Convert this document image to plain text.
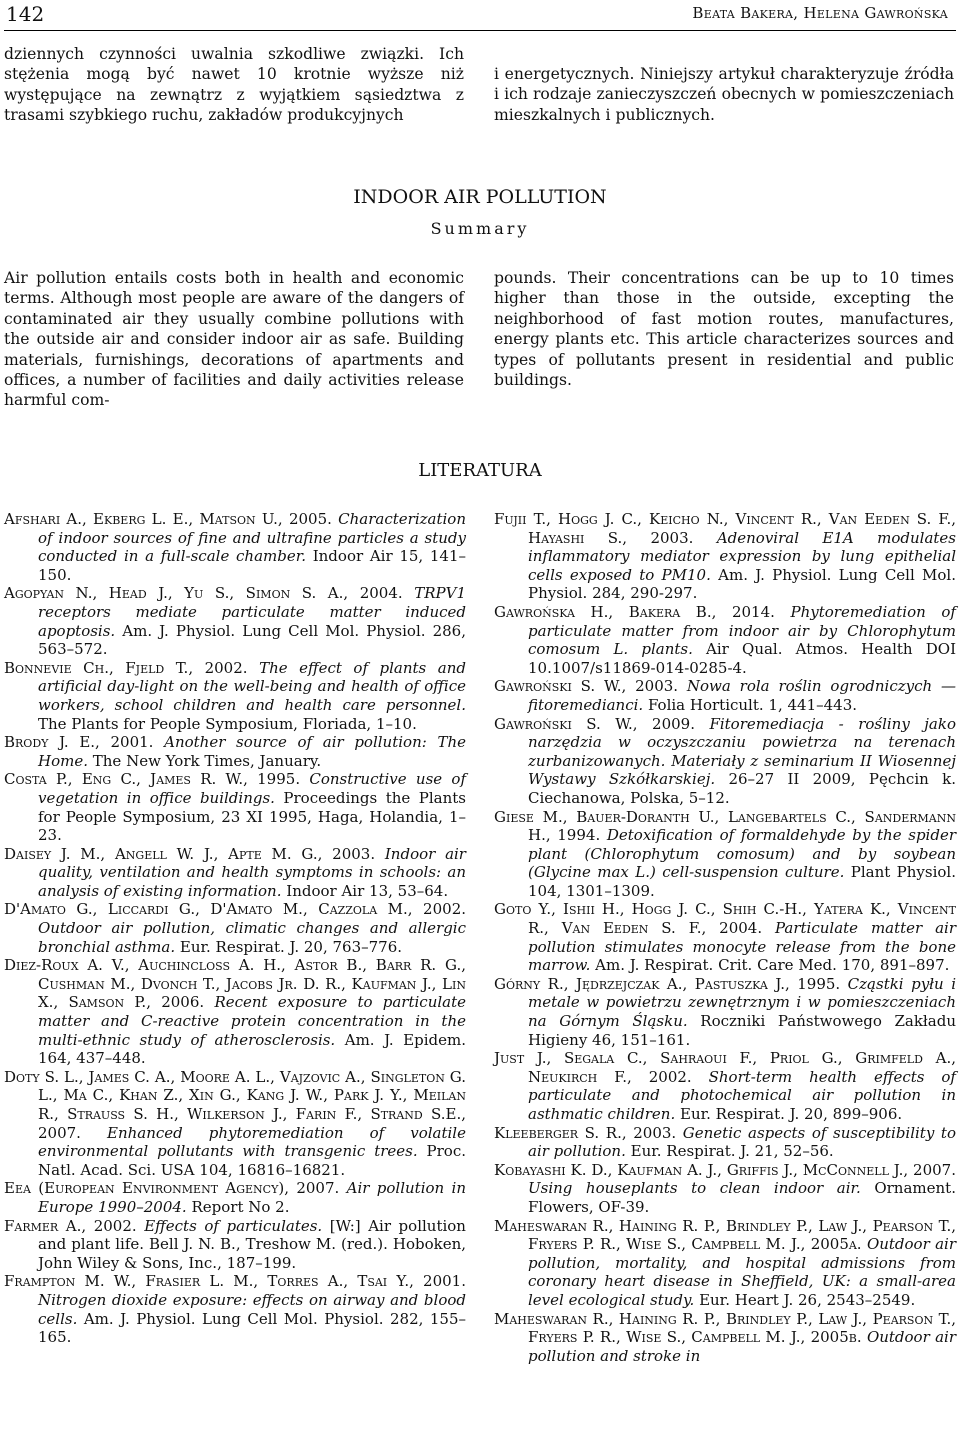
142	Beata Bakera, Helena Gawrońska
dziennych czynności uwalnia szkodliwe związki. Ich stężenia mogą być nawet 10 krotnie wyższe niż występujące na zewnątrz z wyjątkiem sąsiedztwa z trasami szybkiego ruchu, zakładów produkcyjnych
i energetycznych. Niniejszy artykuł charakteryzuje źródła i ich rodzaje zanieczyszczeń obecnych w pomieszczeniach mieszkalnych i publicznych.
INDOOR AIR POLLUTION
Summary
Air pollution entails costs both in health and economic terms. Although most people are aware of the dangers of contaminated air they usually combine pollutions with the outside air and consider indoor air as safe. Building materials, furnishings, decorations of apartments and offices, a number of facilities and daily activities release harmful com-
pounds. Their concentrations can be up to 10 times higher than those in the outside, excepting the neighborhood of fast motion routes, manufactures, energy plants etc. This article characterizes sources and types of pollutants present in residential and public buildings.
LITERATURA

Afshari A., Ekberg L. E., Matson U., 2005. Characterization of indoor sources of fine and ultrafine particles a study conducted in a full-scale chamber. Indoor Air 15, 141–150.

Agopyan N., Head J., Yu S., Simon S. A., 2004. TRPV1 receptors mediate particulate matter induced apoptosis. Am. J. Physiol. Lung Cell Mol. Physiol. 286, 563–572.

Bonnevie Ch., Fjeld T., 2002. The effect of plants and artificial day-light on the well-being and health of office workers, school children and health care personnel. The Plants for People Symposium, Floriada, 1–10.

Brody J. E., 2001. Another source of air pollution: The Home. The New York Times, January.

Costa P., Eng C., James R. W., 1995. Constructive use of vegetation in office buildings. Proceedings the Plants for People Symposium, 23 XI 1995, Haga, Holandia, 1–23.

Daisey J. M., Angell W. J., Apte M. G., 2003. Indoor air quality, ventilation and health symptoms in schools: an analysis of existing information. Indoor Air 13, 53–64.

D'Amato G., Liccardi G., D'Amato M., Cazzola M., 2002. Outdoor air pollution, climatic changes and allergic bronchial asthma. Eur. Respirat. J. 20, 763–776.

Diez-Roux A. V., Auchincloss A. H., Astor B., Barr R. G., Cushman M., Dvonch T., Jacobs Jr. D. R., Kaufman J., Lin X., Samson P., 2006. Recent exposure to particulate matter and C-reactive protein concentration in the multi-ethnic study of atherosclerosis. Am. J. Epidem. 164, 437–448.

Doty S. L., James C. A., Moore A. L., Vajzovic A., Singleton G. L., Ma C., Khan Z., Xin G., Kang J. W., Park J. Y., Meilan R., Strauss S. H., Wilkerson J., Farin F., Strand S.E., 2007. Enhanced phytoremediation of volatile environmental pollutants with transgenic trees. Proc. Natl. Acad. Sci. USA 104, 16816–16821.

Eea (European Environment Agency), 2007. Air pollution in Europe 1990–2004. Report No 2.

Farmer A., 2002. Effects of particulates. [W:] Air pollution and plant life. Bell J. N. B., Treshow M. (red.). Hoboken, John Wiley & Sons, Inc., 187–199.

Frampton M. W., Frasier L. M., Torres A., Tsai Y., 2001. Nitrogen dioxide exposure: effects on airway and blood cells. Am. J. Physiol. Lung Cell Mol. Physiol. 282, 155–165.

Fujii T., Hogg J. C., Keicho N., Vincent R., Van Eeden S. F., Hayashi S., 2003. Adenoviral E1A modulates inflammatory mediator expression by lung epithelial cells exposed to PM10. Am. J. Physiol. Lung Cell Mol. Physiol. 284, 290-297.

Gawrońska H., Bakera B., 2014. Phytoremediation of particulate matter from indoor air by Chlorophytum comosum L. plants. Air Qual. Atmos. Health DOI 10.1007/s11869-014-0285-4.

Gawroński S. W., 2003. Nowa rola roślin ogrodniczych — fitoremedianci. Folia Horticult. 1, 441–443.

Gawroński S. W., 2009. Fitoremediacja - rośliny jako narzędzia w oczyszczaniu powietrza na terenach zurbanizowanych. Materiały z seminarium II Wiosennej Wystawy Szkółkarskiej. 26–27 II 2009, Pęchcin k. Ciechanowa, Polska, 5–12.

Giese M., Bauer-Doranth U., Langebartels C., Sandermann H., 1994. Detoxification of formaldehyde by the spider plant (Chlorophytum comosum) and by soybean (Glycine max L.) cell-suspension culture. Plant Physiol. 104, 1301–1309.

Goto Y., Ishii H., Hogg J. C., Shih C.-H., Yatera K., Vincent R., Van Eeden S. F., 2004. Particulate matter air pollution stimulates monocyte release from the bone marrow. Am. J. Respirat. Crit. Care Med. 170, 891–897.

Górny R., Jędrzejczak A., Pastuszka J., 1995. Cząstki pyłu i metale w powietrzu zewnętrznym i w pomieszczeniach na Górnym Śląsku. Roczniki Państwowego Zakładu Higieny 46, 151–161.

Just J., Segala C., Sahraoui F., Priol G., Grimfeld A., Neukirch F., 2002. Short-term health effects of particulate and photochemical air pollution in asthmatic children. Eur. Respirat. J. 20, 899–906.

Kleeberger S. R., 2003. Genetic aspects of susceptibility to air pollution. Eur. Respirat. J. 21, 52–56.

Kobayashi K. D., Kaufman A. J., Griffis J., McConnell J., 2007. Using houseplants to clean indoor air. Ornament. Flowers, OF-39.

Maheswaran R., Haining R. P., Brindley P., Law J., Pearson T., Fryers P. R., Wise S., Campbell M. J., 2005a. Outdoor air pollution, mortality, and hospital admissions from coronary heart disease in Sheffield, UK: a small-area level ecological study. Eur. Heart J. 26, 2543–2549.

Maheswaran R., Haining R. P., Brindley P., Law J., Pearson T., Fryers P. R., Wise S., Campbell M. J., 2005b. Outdoor air pollution and stroke in
